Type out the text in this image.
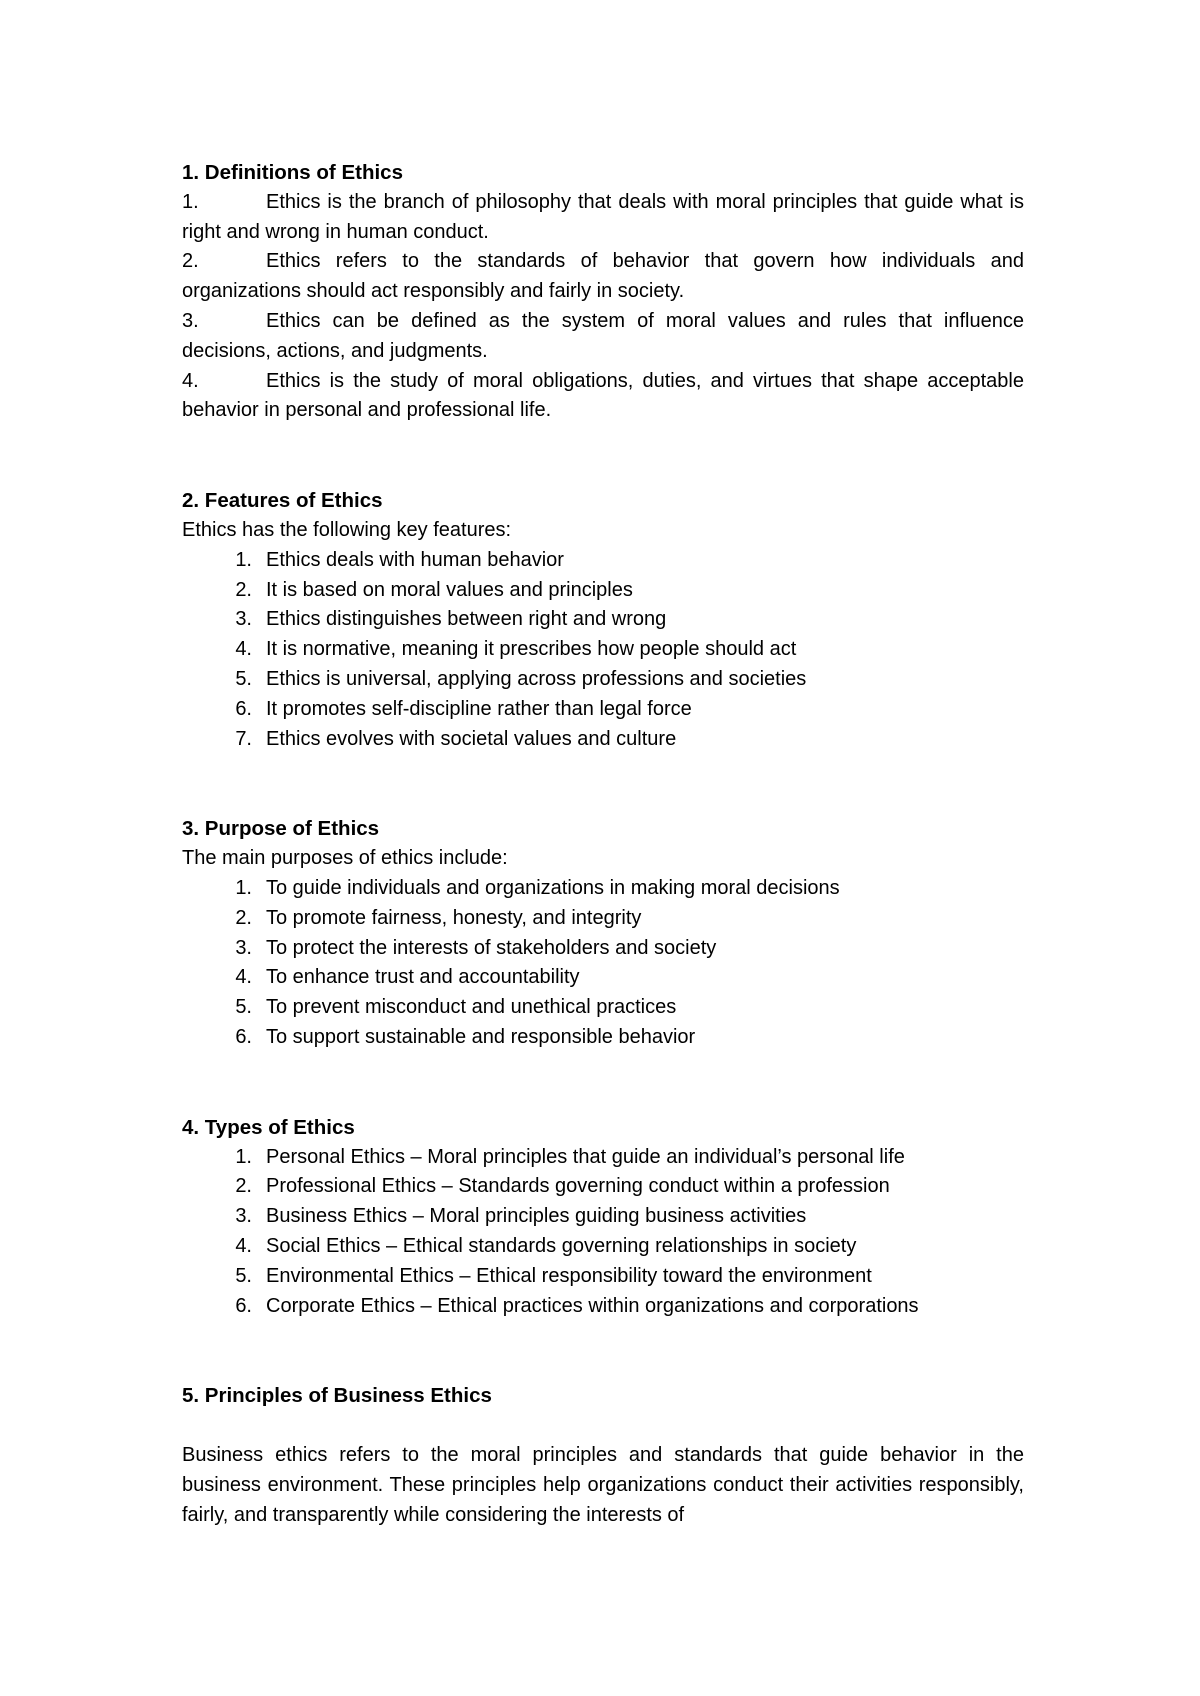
1. Definitions of Ethics

1.	Ethics is the branch of philosophy that deals with moral principles that guide what is right and wrong in human conduct.

2.	Ethics refers to the standards of behavior that govern how individuals and organizations should act responsibly and fairly in society.

3.	Ethics can be defined as the system of moral values and rules that influence decisions, actions, and judgments.

4.	Ethics is the study of moral obligations, duties, and virtues that shape acceptable behavior in personal and professional life.

2. Features of Ethics

Ethics has the following key features:

1. Ethics deals with human behavior
2. It is based on moral values and principles
3. Ethics distinguishes between right and wrong
4. It is normative, meaning it prescribes how people should act
5. Ethics is universal, applying across professions and societies
6. It promotes self-discipline rather than legal force
7. Ethics evolves with societal values and culture

3. Purpose of Ethics

The main purposes of ethics include:

1. To guide individuals and organizations in making moral decisions
2. To promote fairness, honesty, and integrity
3. To protect the interests of stakeholders and society
4. To enhance trust and accountability
5. To prevent misconduct and unethical practices
6. To support sustainable and responsible behavior

4. Types of Ethics

1. Personal Ethics – Moral principles that guide an individual’s personal life
2. Professional Ethics – Standards governing conduct within a profession
3. Business Ethics – Moral principles guiding business activities
4. Social Ethics – Ethical standards governing relationships in society
5. Environmental Ethics – Ethical responsibility toward the environment
6. Corporate Ethics – Ethical practices within organizations and corporations

5. Principles of Business Ethics

Business ethics refers to the moral principles and standards that guide behavior in the business environment. These principles help organizations conduct their activities responsibly, fairly, and transparently while considering the interests of
